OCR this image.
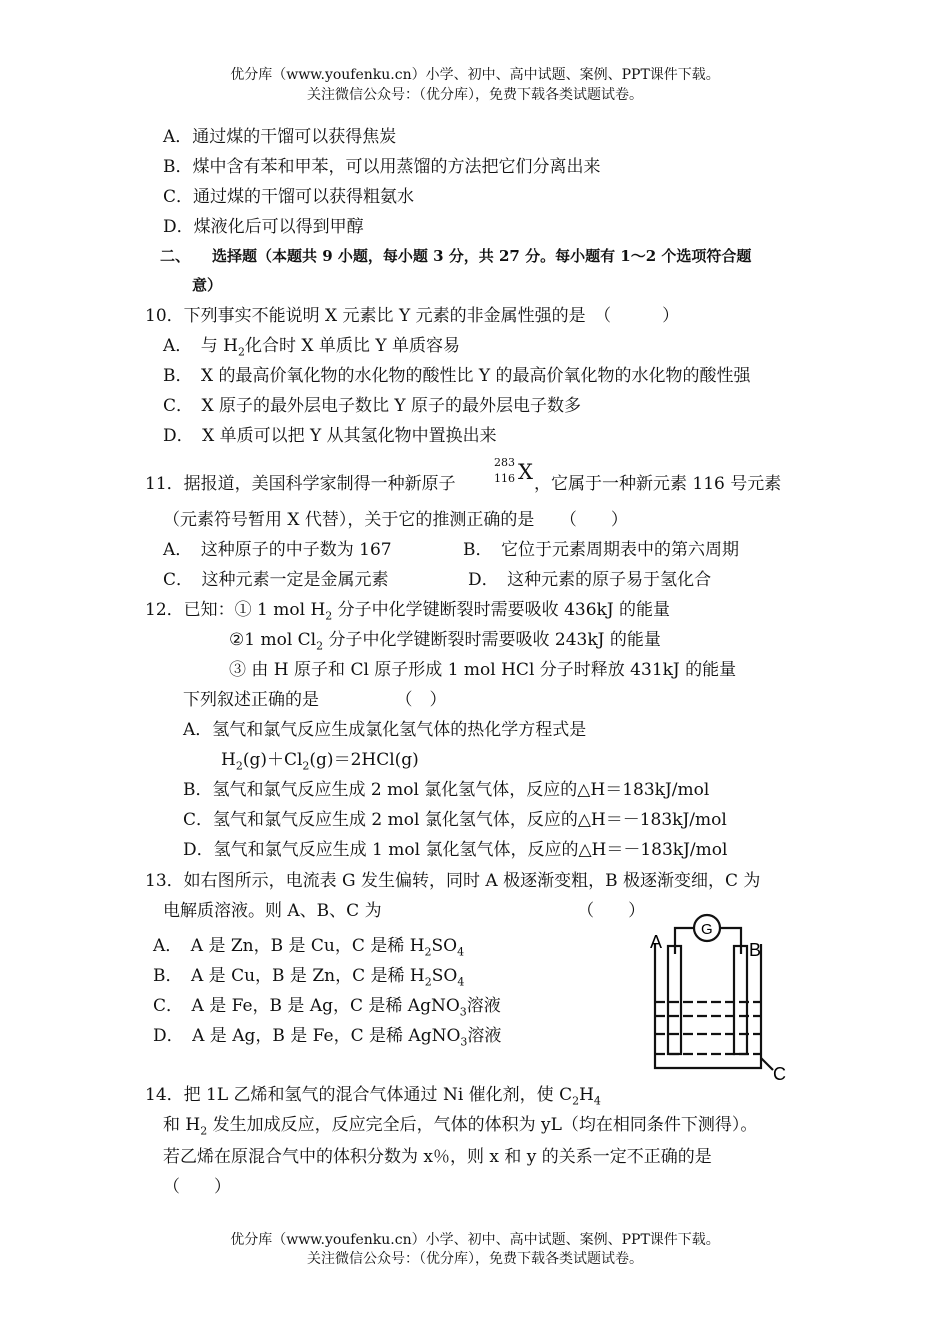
优分库（www.youfenku.cn）小学、初中、高中试题、案例、PPT课件下载。
关注微信公众号：（优分库），免费下载各类试题试卷。
A．通过煤的干馏可以获得焦炭
B．煤中含有苯和甲苯，可以用蒸馏的方法把它们分离出来
C．通过煤的干馏可以获得粗氨水
D．煤液化后可以得到甲醇
二、 选择题（本题共 9 小题，每小题 3 分，共 27 分。每小题有 1～2 个选项符合题
意）
10．下列事实不能说明 X 元素比 Y 元素的非金属性强的是　（　　　）
A．　与 $H_2$化合时 X 单质比 Y 单质容易
B．　X 的最高价氧化物的水化物的酸性比 Y 的最高价氧化物的水化物的酸性强
C．　X 原子的最外层电子数比 Y 原子的最外层电子数多
D．　X 单质可以把 Y 从其氢化物中置换出来
11．据报道，美国科学家制得一种新原子
283
116 X ，它属于一种新元素 116 号元素
（元素符号暂用 X 代替），关于它的推测正确的是　　（　　）
A．　这种原子的中子数为 167	B．　它位于元素周期表中的第六周期
C．　这种元素一定是金属元素	D．　这种元素的原子易于氢化合
12．已知：① 1 mol $H_2$ 分子中化学键断裂时需要吸收 436kJ 的能量
②1 mol $Cl_2$ 分子中化学键断裂时需要吸收 243kJ 的能量
③ 由 H 原子和 Cl 原子形成 1 mol HCl 分子时释放 431kJ 的能量
下列叙述正确的是　　　　　（　）
A．氢气和氯气反应生成氯化氢气体的热化学方程式是
$H_2(g)+Cl_2(g)=2HCl(g)$
B．氢气和氯气反应生成 2 mol 氯化氢气体，反应的△H＝183kJ/mol
C．氢气和氯气反应生成 2 mol 氯化氢气体，反应的△H＝－183kJ/mol
D．氢气和氯气反应生成 1 mol 氯化氢气体，反应的△H＝－183kJ/mol
13．如右图所示，电流表 G 发生偏转，同时 A 极逐渐变粗，B 极逐渐变细，C 为
电解质溶液。则 A、B、C 为　　　　　　　　　　　　（　　）
A．　A 是 Zn，B 是 Cu，C 是稀 $H_2SO_4$
B．　A 是 Cu，B 是 Zn，C 是稀 $H_2SO_4$
C．　A 是 Fe，B 是 Ag，C 是稀 AgNO$_3$溶液
D．　A 是 Ag，B 是 Fe，C 是稀 AgNO$_3$溶液
A	B
G
C
14．把 1L 乙烯和氢气的混合气体通过 Ni 催化剂，使 $C_2H_4$
和 $H_2$ 发生加成反应，反应完全后，气体的体积为 yL（均在相同条件下测得）。
若乙烯在原混合气中的体积分数为 x％，则 x 和 y 的关系一定不正确的是
（　　）
优分库（www.youfenku.cn）小学、初中、高中试题、案例、PPT课件下载。
关注微信公众号：（优分库），免费下载各类试题试卷。
